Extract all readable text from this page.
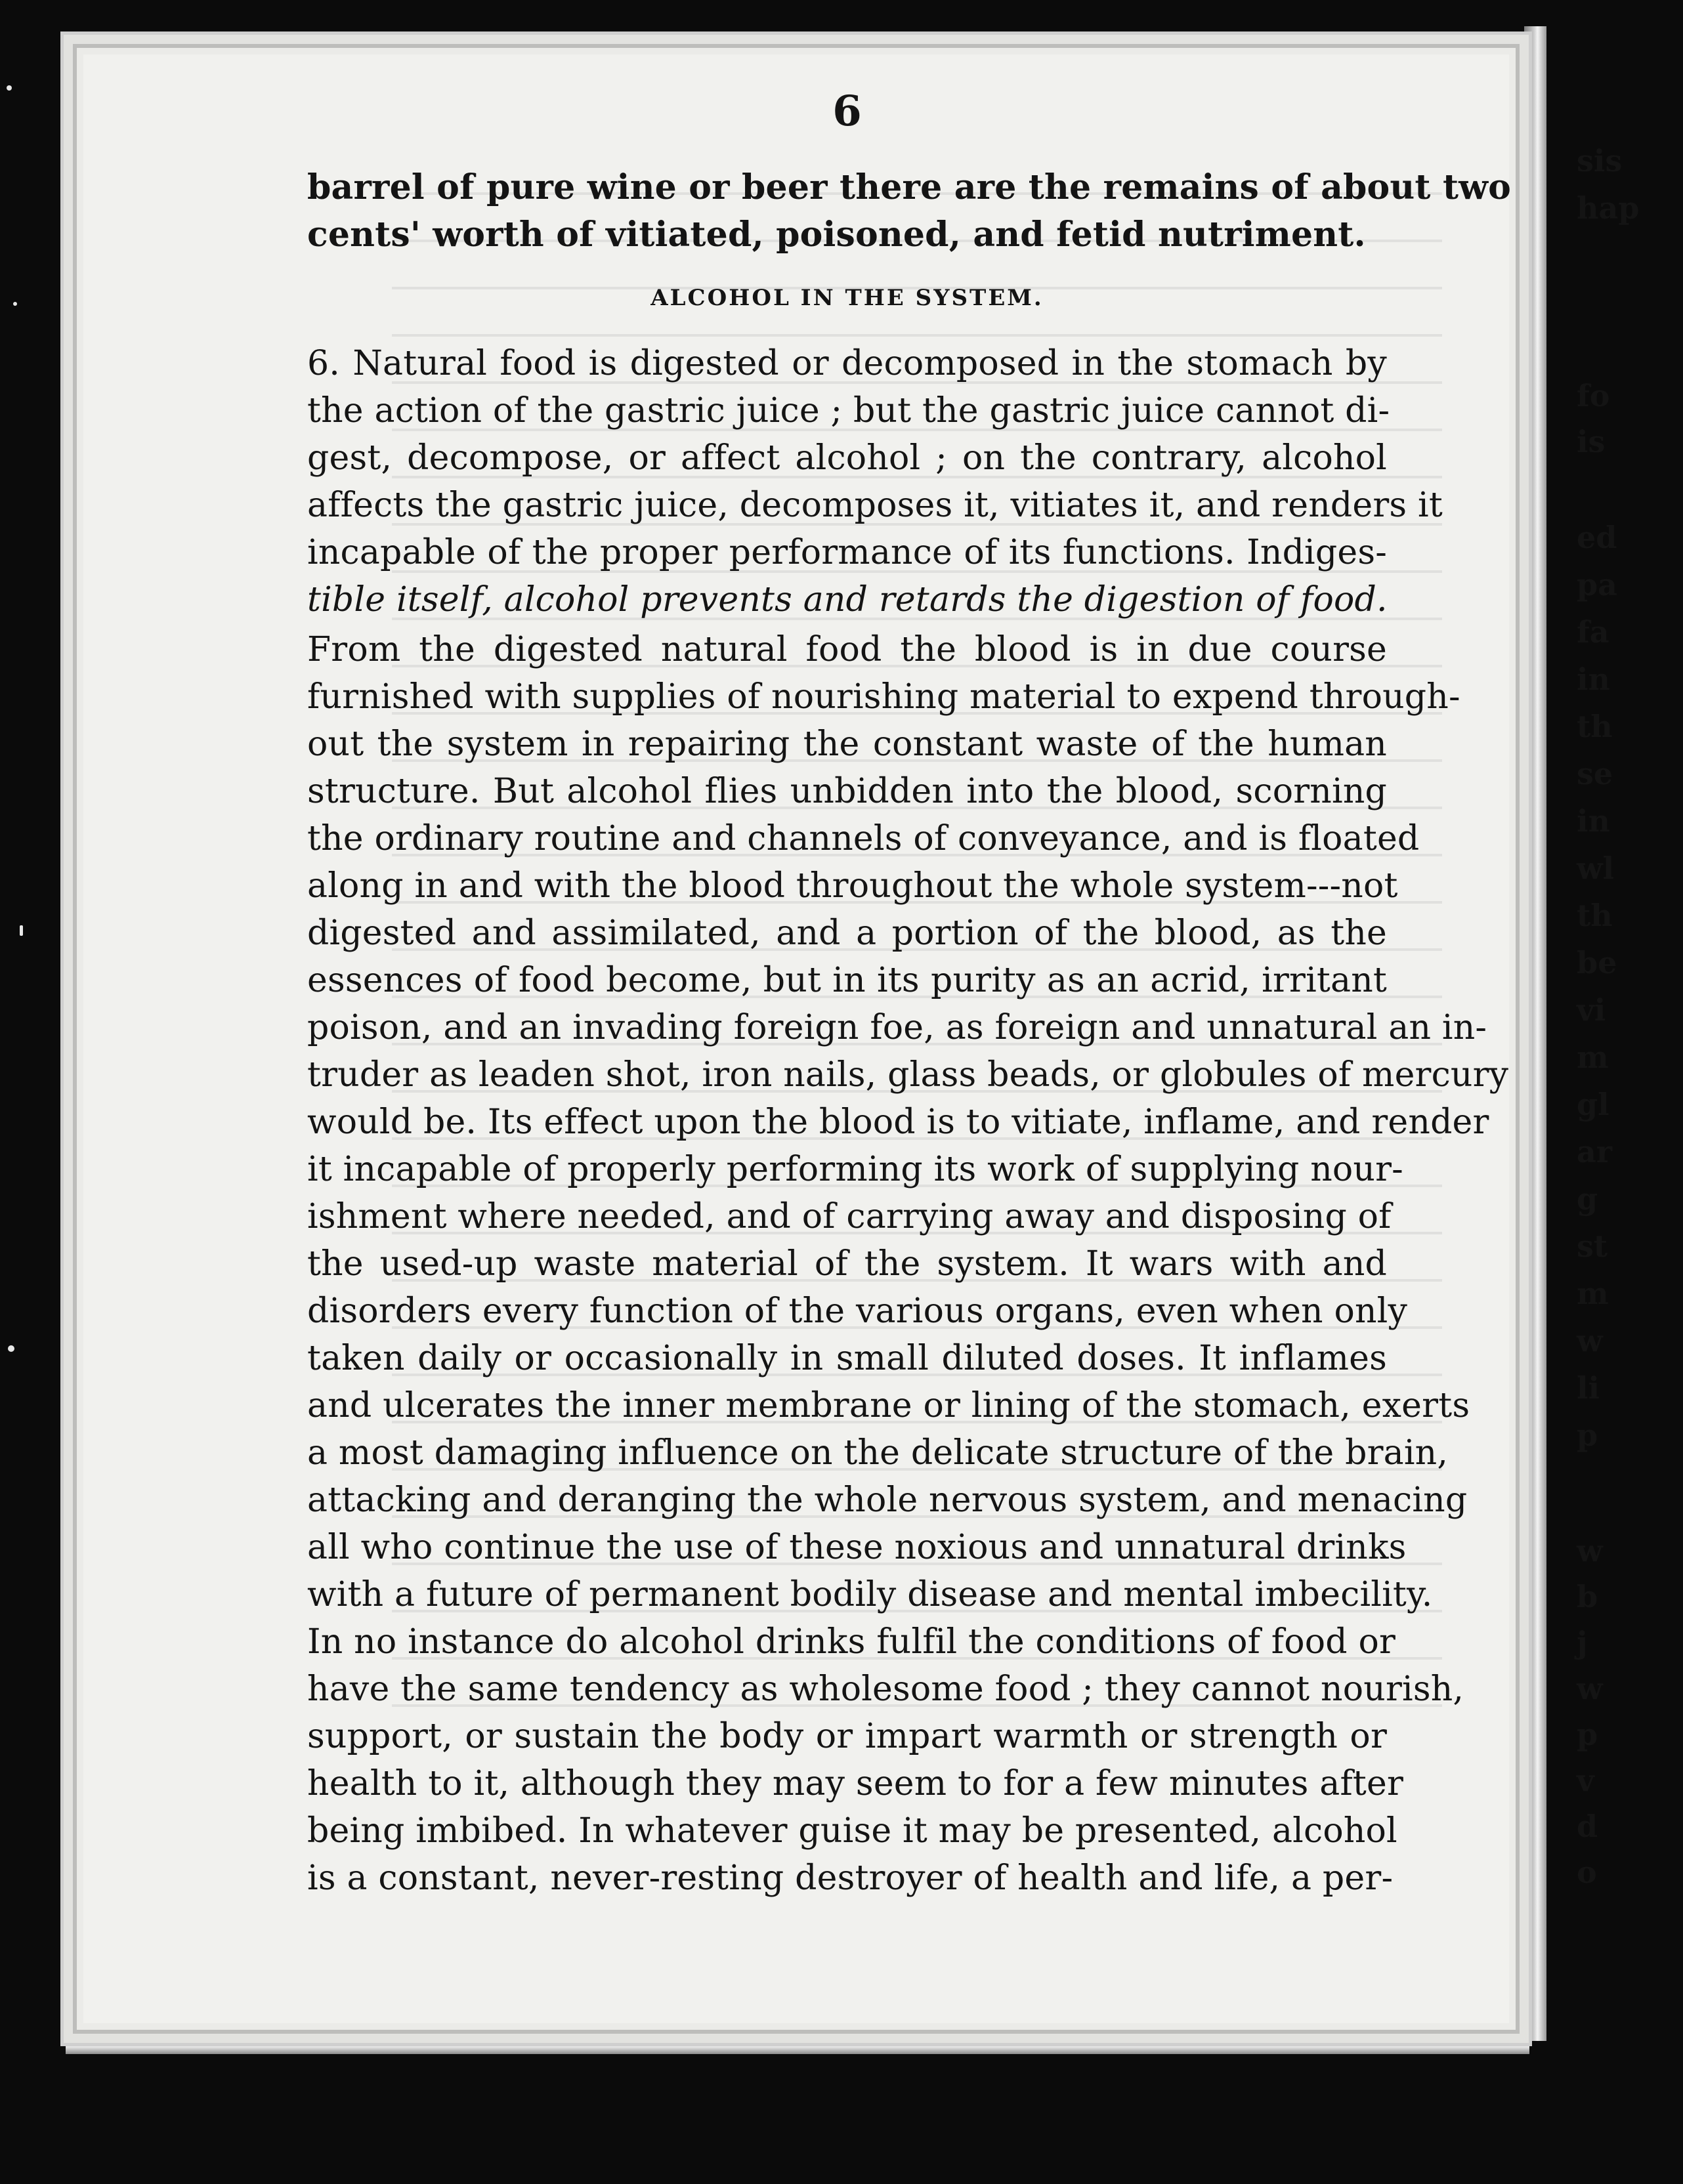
6
barrel of pure wine or beer there are the remains of about two
cents' worth of vitiated, poisoned, and fetid nutriment.
ALCOHOL IN THE SYSTEM.
6. Natural food is digested or decomposed in the stomach by
the action of the gastric juice ; but the gastric juice cannot di-
gest, decompose, or affect alcohol ; on the contrary, alcohol
affects the gastric juice, decomposes it, vitiates it, and renders it
incapable of the proper performance of its functions. Indiges-
tible itself, alcohol prevents and retards the digestion of food.
From the digested natural food the blood is in due course
furnished with supplies of nourishing material to expend through-
out the system in repairing the constant waste of the human
structure. But alcohol flies unbidden into the blood, scorning
the ordinary routine and channels of conveyance, and is floated
along in and with the blood throughout the whole system---not
digested and assimilated, and a portion of the blood, as the
essences of food become, but in its purity as an acrid, irritant
poison, and an invading foreign foe, as foreign and unnatural an in-
truder as leaden shot, iron nails, glass beads, or globules of mercury
would be. Its effect upon the blood is to vitiate, inflame, and render
it incapable of properly performing its work of supplying nour-
ishment where needed, and of carrying away and disposing of
the used-up waste material of the system. It wars with and
disorders every function of the various organs, even when only
taken daily or occasionally in small diluted doses. It inflames
and ulcerates the inner membrane or lining of the stomach, exerts
a most damaging influence on the delicate structure of the brain,
attacking and deranging the whole nervous system, and menacing
all who continue the use of these noxious and unnatural drinks
with a future of permanent bodily disease and mental imbecility.
In no instance do alcohol drinks fulfil the conditions of food or
have the same tendency as wholesome food ; they cannot nourish,
support, or sustain the body or impart warmth or strength or
health to it, although they may seem to for a few minutes after
being imbibed. In whatever guise it may be presented, alcohol
is a constant, never-resting destroyer of health and life, a per-
sis
hap
fo
is
ed
pa
fa
in
th
se
in
wl
th
be
vi
m
gl
ar
g
st
m
w
li
p
w
b
j
w
p
v
d
o
